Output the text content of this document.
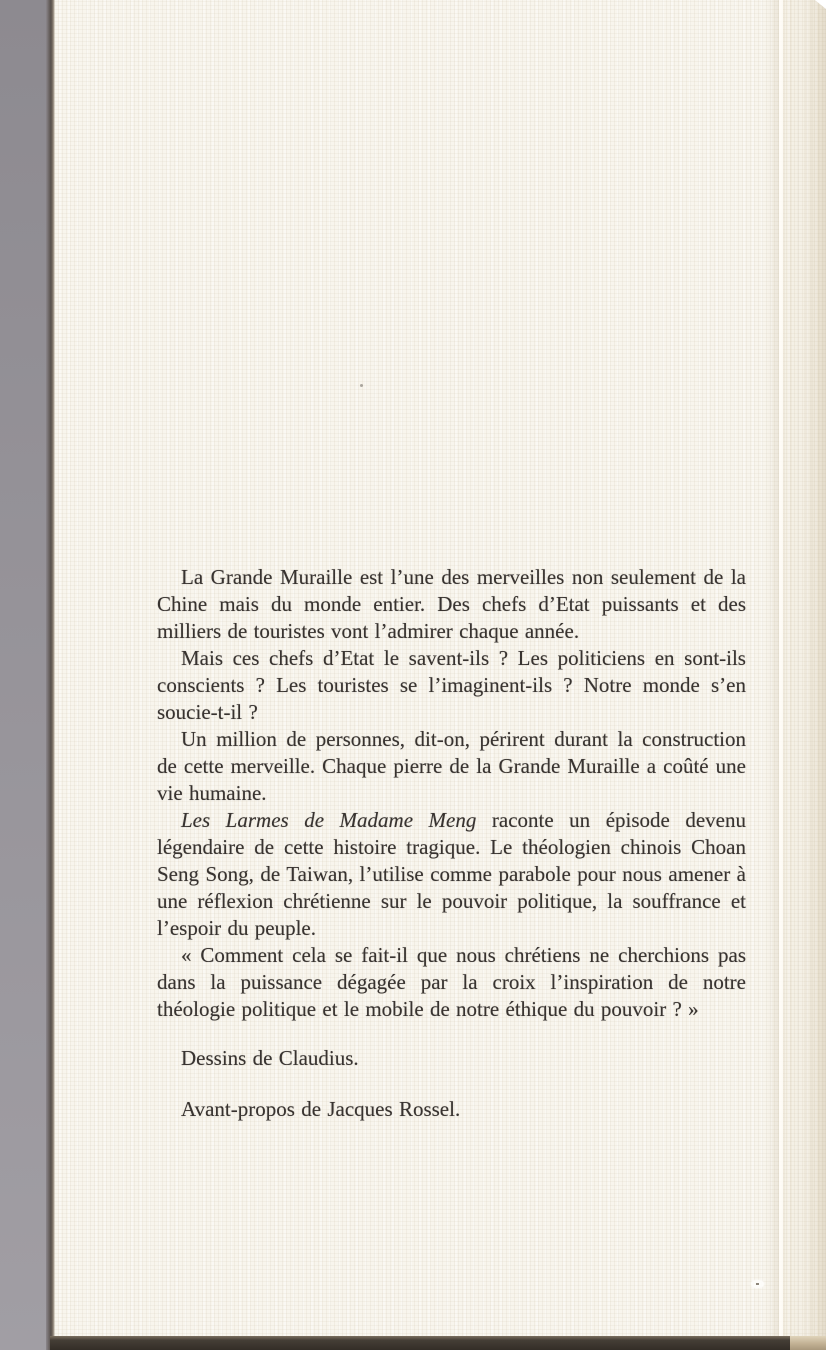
La Grande Muraille est l’une des merveilles non seulement de la Chine mais du monde entier. Des chefs d’Etat puissants et des milliers de touristes vont l’admirer chaque année.

Mais ces chefs d’Etat le savent-ils ? Les politiciens en sont-ils conscients ? Les touristes se l’imaginent-ils ? Notre monde s’en soucie-t-il ?

Un million de personnes, dit-on, périrent durant la construction de cette merveille. Chaque pierre de la Grande Muraille a coûté une vie humaine.

Les Larmes de Madame Meng raconte un épisode devenu légendaire de cette histoire tragique. Le théologien chinois Choan Seng Song, de Taiwan, l’utilise comme parabole pour nous amener à une réflexion chrétienne sur le pouvoir politique, la souffrance et l’espoir du peuple.

« Comment cela se fait-il que nous chrétiens ne cherchions pas dans la puissance dégagée par la croix l’inspiration de notre théologie politique et le mobile de notre éthique du pouvoir ? »

Dessins de Claudius.

Avant-propos de Jacques Rossel.
